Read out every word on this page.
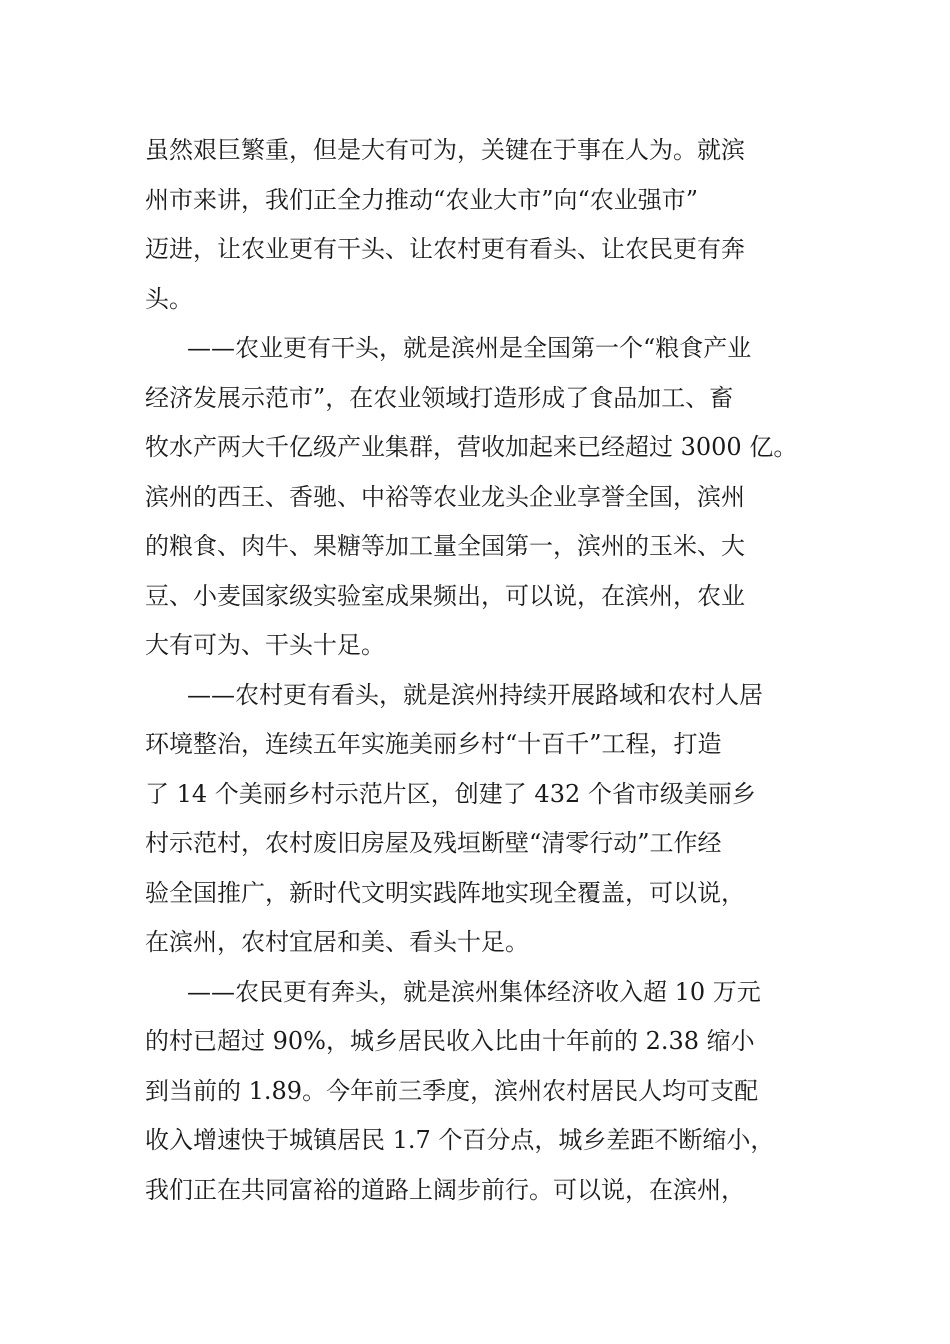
虽然艰巨繁重，但是大有可为，关键在于事在人为。就滨
州市来讲，我们正全力推动“农业大市”向“农业强市”
迈进，让农业更有干头、让农村更有看头、让农民更有奔
头。
——农业更有干头，就是滨州是全国第一个“粮食产业
经济发展示范市”，在农业领域打造形成了食品加工、畜
牧水产两大千亿级产业集群，营收加起来已经超过 3000 亿。
滨州的西王、香驰、中裕等农业龙头企业享誉全国，滨州
的粮食、肉牛、果糖等加工量全国第一，滨州的玉米、大
豆、小麦国家级实验室成果频出，可以说，在滨州，农业
大有可为、干头十足。
——农村更有看头，就是滨州持续开展路域和农村人居
环境整治，连续五年实施美丽乡村“十百千”工程，打造
了 14 个美丽乡村示范片区，创建了 432 个省市级美丽乡
村示范村，农村废旧房屋及残垣断壁“清零行动”工作经
验全国推广，新时代文明实践阵地实现全覆盖，可以说，
在滨州，农村宜居和美、看头十足。
——农民更有奔头，就是滨州集体经济收入超 10 万元
的村已超过 90%，城乡居民收入比由十年前的 2.38 缩小
到当前的 1.89。今年前三季度，滨州农村居民人均可支配
收入增速快于城镇居民 1.7 个百分点，城乡差距不断缩小，
我们正在共同富裕的道路上阔步前行。可以说，在滨州，
